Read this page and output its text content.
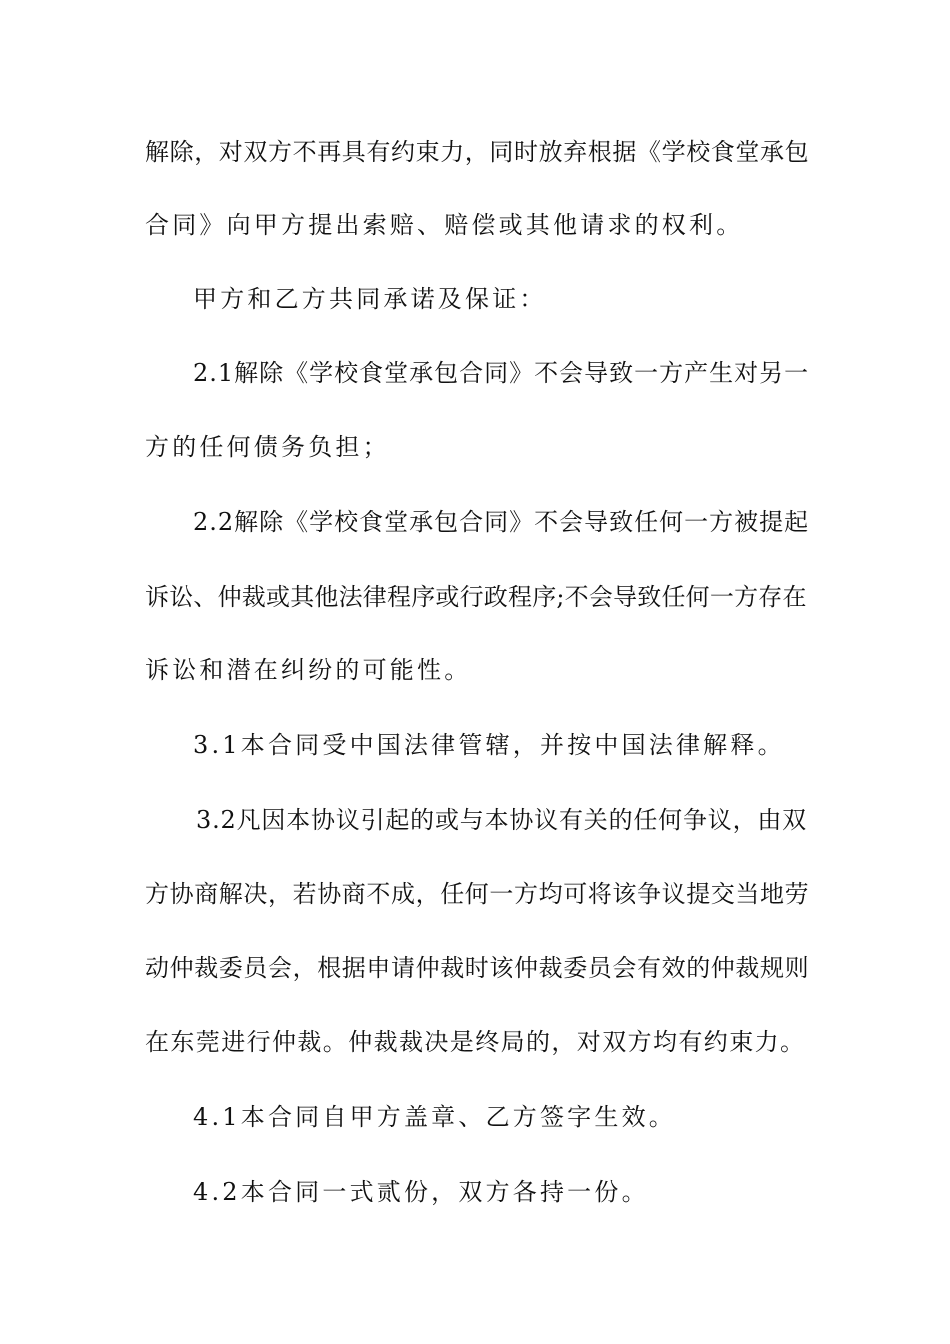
解除，对双方不再具有约束力，同时放弃根据《学校食堂承包
合同》向甲方提出索赔、赔偿或其他请求的权利。
甲方和乙方共同承诺及保证：
2.1解除《学校食堂承包合同》不会导致一方产生对另一
方的任何债务负担；
2.2解除《学校食堂承包合同》不会导致任何一方被提起
诉讼、仲裁或其他法律程序或行政程序;不会导致任何一方存在
诉讼和潜在纠纷的可能性。
3.1本合同受中国法律管辖，并按中国法律解释。
3.2凡因本协议引起的或与本协议有关的任何争议，由双
方协商解决，若协商不成，任何一方均可将该争议提交当地劳
动仲裁委员会，根据申请仲裁时该仲裁委员会有效的仲裁规则
在东莞进行仲裁。仲裁裁决是终局的，对双方均有约束力。
4.1本合同自甲方盖章、乙方签字生效。
4.2本合同一式贰份，双方各持一份。
